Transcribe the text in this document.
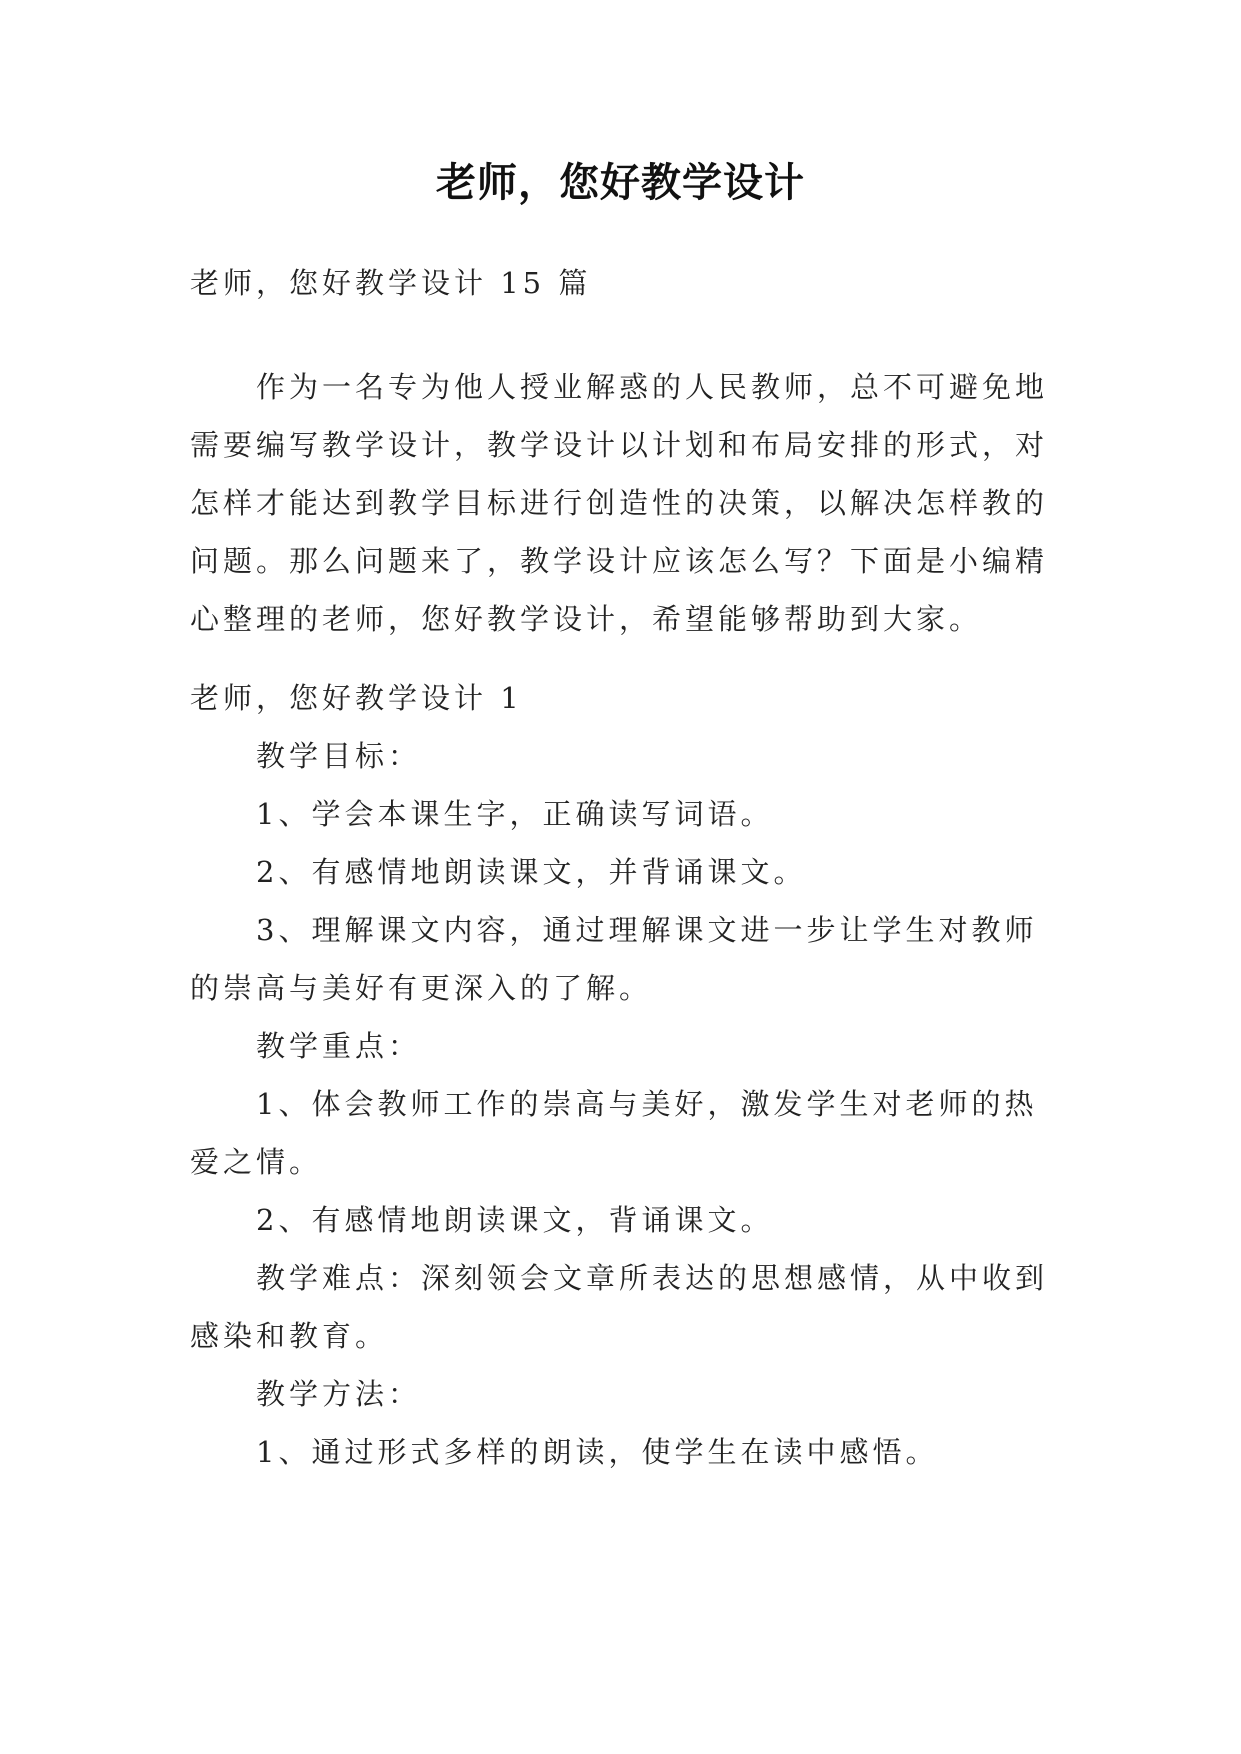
老师，您好教学设计
老师，您好教学设计 15 篇
作为一名专为他人授业解惑的人民教师，总不可避免地
需要编写教学设计，教学设计以计划和布局安排的形式，对
怎样才能达到教学目标进行创造性的决策，以解决怎样教的
问题。那么问题来了，教学设计应该怎么写？下面是小编精
心整理的老师，您好教学设计，希望能够帮助到大家。
老师，您好教学设计 1
教学目标：
1、学会本课生字，正确读写词语。
2、有感情地朗读课文，并背诵课文。
3、理解课文内容，通过理解课文进一步让学生对教师
的崇高与美好有更深入的了解。
教学重点：
1、体会教师工作的崇高与美好，激发学生对老师的热
爱之情。
2、有感情地朗读课文，背诵课文。
教学难点：深刻领会文章所表达的思想感情，从中收到
感染和教育。
教学方法：
1、通过形式多样的朗读，使学生在读中感悟。
